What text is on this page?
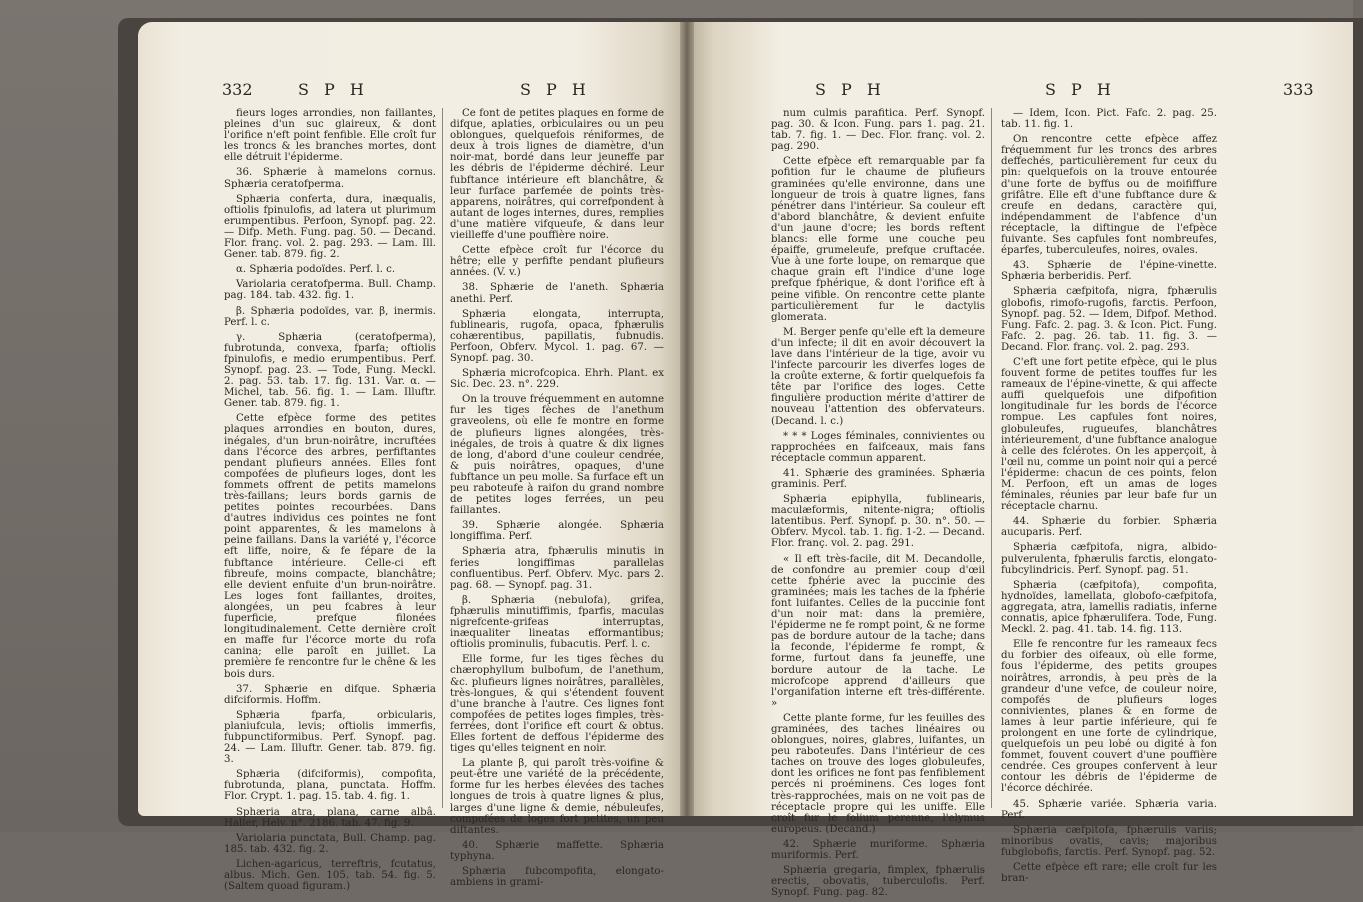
332	S P H	S P H

fieurs loges arrondies, non faillantes, pleines d'un suc glaireux, & dont l'orifice n'eft point fenfible. Elle croît fur les troncs & les branches mortes, dont elle détruit l'épiderme.

36. Sphærie à mamelons cornus. Sphæria ceratofperma.

Sphæria conferta, dura, inæqualis, oftiolis fpinulofis, ad latera ut plurimum erumpentibus. Perfoon, Synopf. pag. 22. — Difp. Meth. Fung. pag. 50. — Decand. Flor. franç. vol. 2. pag. 293. — Lam. Ill. Gener. tab. 879. fig. 2.

α. Sphæria podoïdes. Perf. l. c.

Variolaria ceratofperma. Bull. Champ. pag. 184. tab. 432. fig. 1.

β. Sphæria podoïdes, var. β, inermis. Perf. l. c.

γ. Sphæria (ceratofperma), fubrotunda, convexa, fparfa; oftiolis fpinulofis, e medio erumpentibus. Perf. Synopf. pag. 23. — Tode, Fung. Meckl. 2. pag. 53. tab. 17. fig. 131. Var. α. — Michel, tab. 56. fig. 1. — Lam. Illuftr. Gener. tab. 879. fig. 1.

Cette efpèce forme des petites plaques arrondies en bouton, dures, inégales, d'un brun-noirâtre, incruftées dans l'écorce des arbres, perfiftantes pendant plufieurs années. Elles font compofées de plufieurs loges, dont les fommets offrent de petits mamelons très-faillans; leurs bords garnis de petites pointes recourbées. Dans d'autres individus ces pointes ne font point apparentes, & les mamelons à peine faillans. Dans la variété γ, l'écorce eft liffe, noire, & fe fépare de la fubftance intérieure. Celle-ci eft fibreufe, moins compacte, blanchâtre; elle devient enfuite d'un brun-noirâtre. Les loges font faillantes, droites, alongées, un peu fcabres à leur fuperficie, prefque filonées longitudinalement. Cette dernière croît en maffe fur l'écorce morte du rofa canina; elle paroît en juillet. La première fe rencontre fur le chêne & les bois durs.

37. Sphærie en difque. Sphæria difciformis. Hoffm.

Sphæria fparfa, orbicularis, planiufcula, levis; oftiolis immerfis, fubpunctiformibus. Perf. Synopf. pag. 24. — Lam. Illuftr. Gener. tab. 879. fig. 3.

Sphæria (difciformis), compofita, fubrotunda, plana, punctata. Hoffm. Flor. Crypt. 1. pag. 15. tab. 4. fig. 1.

Sphæria atra, plana, carne albâ. Haller, Helv. n°. 2186. tab. 47. fig. 9.

Variolaria punctata, Bull. Champ. pag. 185. tab. 432. fig. 2.

Lichen-agaricus, terreftris, fcutatus, albus. Mich. Gen. 105. tab. 54. fig. 5. (Saltem quoad figuram.)

Ce font de petites plaques en forme de difque, aplaties, orbiculaires ou un peu oblongues, quelquefois réniformes, de deux à trois lignes de diamètre, d'un noir-mat, bordé dans leur jeuneffe par les débris de l'épiderme déchiré. Leur fubftance intérieure eft blanchâtre, & leur furface parfemée de points très-apparens, noirâtres, qui correfpondent à autant de loges internes, dures, remplies d'une matière vifqueufe, & dans leur vieilleffe d'une pouffière noire.

Cette efpèce croît fur l'écorce du hêtre; elle y perfifte pendant plufieurs années. (V. v.)

38. Sphærie de l'aneth. Sphæria anethi. Perf.

Sphæria elongata, interrupta, fublinearis, rugofa, opaca, fphærulis cohærentibus, papillatis, fubnudis. Perfoon, Obferv. Mycol. 1. pag. 67. — Synopf. pag. 30.

Sphæria microfcopica. Ehrh. Plant. ex Sic. Dec. 23. n°. 229.

On la trouve fréquemment en automne fur les tiges fèches de l'anethum graveolens, où elle fe montre en forme de plufieurs lignes alongées, très-inégales, de trois à quatre & dix lignes de long, d'abord d'une couleur cendrée, & puis noirâtres, opaques, d'une fubftance un peu molle. Sa furface eft un peu raboteufe à raifon du grand nombre de petites loges ferrées, un peu faillantes.

39. Sphærie alongée. Sphæria longiffima. Perf.

Sphæria atra, fphærulis minutis in feries longiffimas parallelas confluentibus. Perf. Obferv. Myc. pars 2. pag. 68. — Synopf. pag. 31.

β. Sphæria (nebulofa), grifea, fphærulis minutiffimis, fparfis, maculas nigrefcente-grifeas interruptas, inæqualiter lineatas efformantibus; oftiolis prominulis, fubacutis. Perf. l. c.

Elle forme, fur les tiges fèches du chærophyllum bulbofum, de l'anethum, &c. plufieurs lignes noirâtres, parallèles, très-longues, & qui s'étendent fouvent d'une branche à l'autre. Ces lignes font compofées de petites loges fimples, très-ferrées, dont l'orifice eft court & obtus. Elles fortent de deffous l'épiderme des tiges qu'elles teignent en noir.

La plante β, qui paroît très-voifine & peut-être une variété de la précédente, forme fur les herbes élevées des taches longues de trois à quatre lignes & plus, larges d'une ligne & demie, nébuleufes, compofées de loges fort petites, un peu diftantes.

40. Sphærie maffette. Sphæria typhyna.

Sphæria fubcompofita, elongato-ambiens in grami-

S P H	S P H	333

num culmis parafitica. Perf. Synopf. pag. 30. & Icon. Fung. pars 1. pag. 21. tab. 7. fig. 1. — Dec. Flor. franç. vol. 2. pag. 290.

Cette efpèce eft remarquable par fa pofition fur le chaume de plufieurs graminées qu'elle environne, dans une longueur de trois à quatre lignes, fans pénétrer dans l'intérieur. Sa couleur eft d'abord blanchâtre, & devient enfuite d'un jaune d'ocre; les bords reftent blancs: elle forme une couche peu épaiffe, grumeleufe, prefque cruftacée. Vue à une forte loupe, on remarque que chaque grain eft l'indice d'une loge prefque fphérique, & dont l'orifice eft à peine vifible. On rencontre cette plante particulièrement fur le dactylis glomerata.

M. Berger penfe qu'elle eft la demeure d'un infecte; il dit en avoir découvert la lave dans l'intérieur de la tige, avoir vu l'infecte parcourir les diverfes loges de la croûte externe, & fortir quelquefois fa tête par l'orifice des loges. Cette fingulière production mérite d'attirer de nouveau l'attention des obfervateurs. (Decand. l. c.)

* * * Loges féminales, connivientes ou rapprochées en faifceaux, mais fans réceptacle commun apparent.

41. Sphærie des graminées. Sphæria graminis. Perf.

Sphæria epiphylla, fublinearis, maculæformis, nitente-nigra; oftiolis latentibus. Perf. Synopf. p. 30. n°. 50. — Obferv. Mycol. tab. 1. fig. 1-2. — Decand. Flor. franç. vol. 2. pag. 291.

« Il eft très-facile, dit M. Decandolle, de confondre au premier coup d'œil cette fphérie avec la puccinie des graminées; mais les taches de la fphérie font luifantes. Celles de la puccinie font d'un noir mat: dans la première, l'épiderme ne fe rompt point, & ne forme pas de bordure autour de la tache; dans la feconde, l'épiderme fe rompt, & forme, furtout dans fa jeuneffe, une bordure autour de la tache. Le microfcope apprend d'ailleurs que l'organifation interne eft très-différente. »

Cette plante forme, fur les feuilles des graminées, des taches linéaires ou oblongues, noires, glabres, luifantes, un peu raboteufes. Dans l'intérieur de ces taches on trouve des loges globuleufes, dont les orifices ne font pas fenfiblement percés ni proéminens. Ces loges font très-rapprochées, mais on ne voit pas de réceptacle propre qui les uniffe. Elle croît fur le folium perenne, l'elymus europeus. (Decand.)

42. Sphærie muriforme. Sphæria muriformis. Perf.

Sphæria gregaria, fimplex, fphærulis erectis, obovatis, tuberculofis. Perf. Synopf. Fung. pag. 82.

— Idem, Icon. Pict. Fafc. 2. pag. 25. tab. 11. fig. 1.

On rencontre cette efpèce affez fréquemment fur les troncs des arbres deffechés, particulièrement fur ceux du pin: quelquefois on la trouve entourée d'une forte de byffus ou de moififfure grifâtre. Elle eft d'une fubftance dure & creufe en dedans, caractère qui, indépendamment de l'abfence d'un réceptacle, la diftingue de l'efpèce fuivante. Ses capfules font nombreufes, éparfes, tuberculeufes, noires, ovales.

43. Sphærie de l'épine-vinette. Sphæria berberidis. Perf.

Sphæria cæfpitofa, nigra, fphærulis globofis, rimofo-rugofis, farctis. Perfoon, Synopf. pag. 52. — Idem, Difpof. Method. Fung. Fafc. 2. pag. 3. & Icon. Pict. Fung. Fafc. 2. pag. 26. tab. 11. fig. 3. — Decand. Flor. franç. vol. 2. pag. 293.

C'eft une fort petite efpèce, qui le plus fouvent forme de petites touffes fur les rameaux de l'épine-vinette, & qui affecte auffi quelquefois une difpofition longitudinale fur les bords de l'écorce rompue. Les capfules font noires, globuleufes, rugueufes, blanchâtres intérieurement, d'une fubftance analogue à celle des fclérotes. On les apperçoit, à l'œil nu, comme un point noir qui a percé l'épiderme: chacun de ces points, felon M. Perfoon, eft un amas de loges féminales, réunies par leur bafe fur un réceptacle charnu.

44. Sphærie du forbier. Sphæria aucuparis. Perf.

Sphæria cæfpitofa, nigra, albido-pulverulenta, fphærulis farctis, elongato-fubcylindricis. Perf. Synopf. pag. 51.

Sphæria (cæfpitofa), compofita, hydnoïdes, lamellata, globofo-cæfpitofa, aggregata, atra, lamellis radiatis, inferne connatis, apice fphærulifera. Tode, Fung. Meckl. 2. pag. 41. tab. 14. fig. 113.

Elle fe rencontre fur les rameaux fecs du forbier des oifeaux, où elle forme, fous l'épiderme, des petits groupes noirâtres, arrondis, à peu près de la grandeur d'une vefce, de couleur noire, compofés de plufieurs loges connivientes, planes & en forme de lames à leur partie inférieure, qui fe prolongent en une forte de cylindrique, quelquefois un peu lobé ou digité à fon fommet, fouvent couvert d'une pouffière cendrée. Ces groupes confervent à leur contour les débris de l'épiderme de l'écorce déchirée.

45. Sphærie variée. Sphæria varia. Perf.

Sphæria cæfpitofa, fphærulis variis; minoribus ovatis, cavis; majoribus fubglobofis, farctis. Perf. Synopf. pag. 52.

Cette efpèce eft rare; elle croît fur les bran-
